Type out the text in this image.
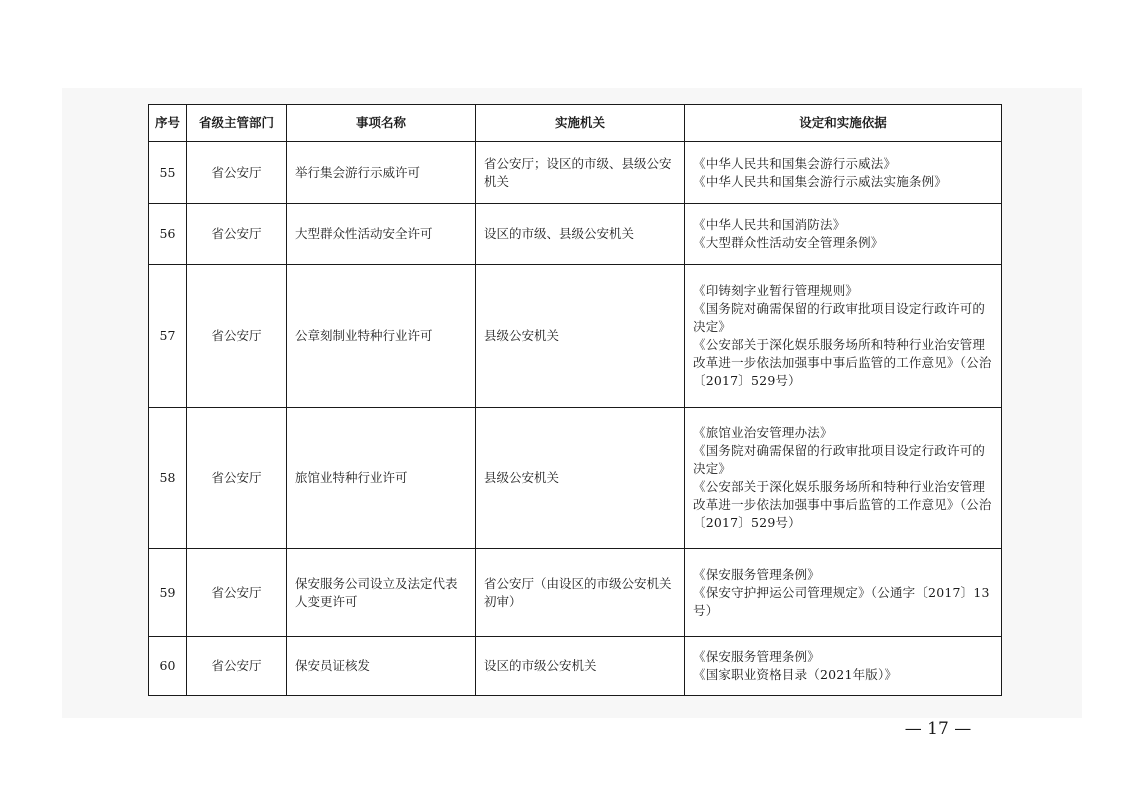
序号	省级主管部门	事项名称	实施机关	设定和实施依据
55	省公安厅	举行集会游行示威许可	省公安厅；设区的市级、县级公安机关	《中华人民共和国集会游行示威法》
《中华人民共和国集会游行示威法实施条例》

56	省公安厅	大型群众性活动安全许可	设区的市级、县级公安机关	《中华人民共和国消防法》
《大型群众性活动安全管理条例》

57	省公安厅	公章刻制业特种行业许可	县级公安机关	《印铸刻字业暂行管理规则》
《国务院对确需保留的行政审批项目设定行政许可的决定》
《公安部关于深化娱乐服务场所和特种行业治安管理改革进一步依法加强事中事后监管的工作意见》（公治〔2017〕529号）

58	省公安厅	旅馆业特种行业许可	县级公安机关	《旅馆业治安管理办法》
《国务院对确需保留的行政审批项目设定行政许可的决定》
《公安部关于深化娱乐服务场所和特种行业治安管理改革进一步依法加强事中事后监管的工作意见》（公治〔2017〕529号）

59	省公安厅	保安服务公司设立及法定代表人变更许可	省公安厅（由设区的市级公安机关初审）	《保安服务管理条例》
《保安守护押运公司管理规定》（公通字〔2017〕13号）

60	省公安厅	保安员证核发	设区的市级公安机关	《保安服务管理条例》
《国家职业资格目录（2021年版）》
— 17 —
